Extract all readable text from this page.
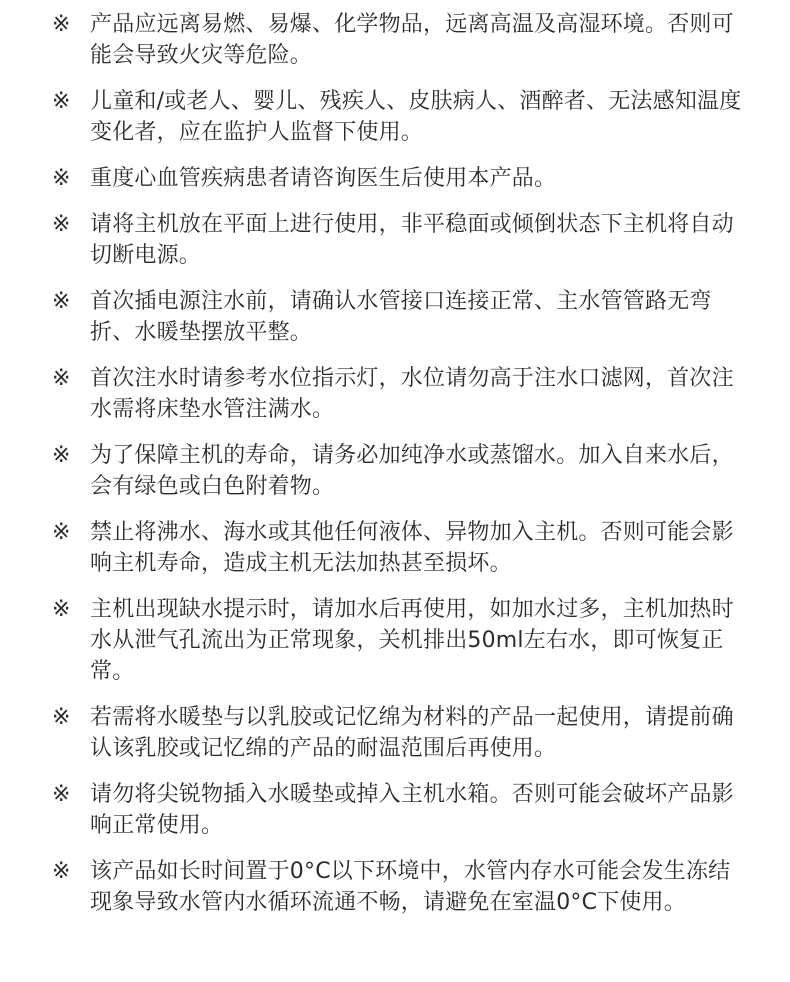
※ 产品应远离易燃、易爆、化学物品，远离高温及高湿环境。否则可能会导致火灾等危险。
※ 儿童和/或老人、婴儿、残疾人、皮肤病人、酒醉者、无法感知温度变化者，应在监护人监督下使用。
※ 重度心血管疾病患者请咨询医生后使用本产品。
※ 请将主机放在平面上进行使用，非平稳面或倾倒状态下主机将自动切断电源。
※ 首次插电源注水前，请确认水管接口连接正常、主水管管路无弯折、水暖垫摆放平整。
※ 首次注水时请参考水位指示灯，水位请勿高于注水口滤网，首次注水需将床垫水管注满水。
※ 为了保障主机的寿命，请务必加纯净水或蒸馏水。加入自来水后，会有绿色或白色附着物。
※ 禁止将沸水、海水或其他任何液体、异物加入主机。否则可能会影响主机寿命，造成主机无法加热甚至损坏。
※ 主机出现缺水提示时，请加水后再使用，如加水过多，主机加热时水从泄气孔流出为正常现象，关机排出50ml左右水，即可恢复正常。
※ 若需将水暖垫与以乳胶或记忆绵为材料的产品一起使用，请提前确认该乳胶或记忆绵的产品的耐温范围后再使用。
※ 请勿将尖锐物插入水暖垫或掉入主机水箱。否则可能会破坏产品影响正常使用。
※ 该产品如长时间置于0°C以下环境中，水管内存水可能会发生冻结现象导致水管内水循环流通不畅，请避免在室温0°C下使用。
